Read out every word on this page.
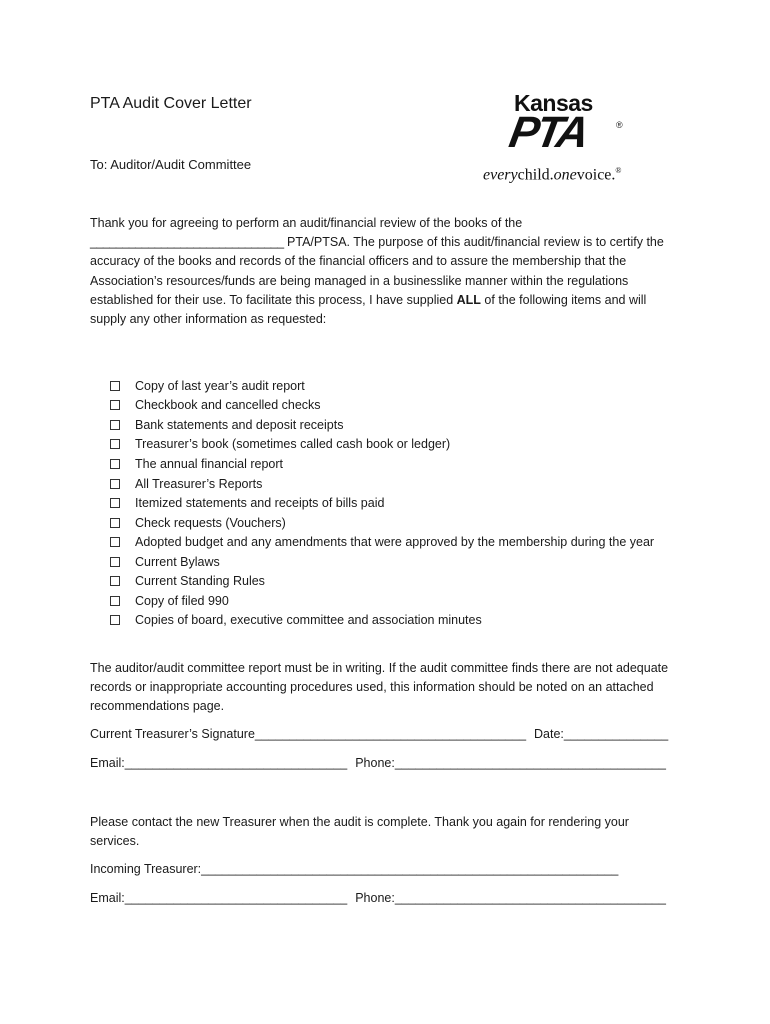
PTA Audit Cover Letter
To: Auditor/Audit Committee
Kansas
PTA	®
everychild.onevoice.®

Thank you for agreeing to perform an audit/financial review of the books of the
______________________________ PTA/PTSA. The purpose of this audit/financial review is to certify the accuracy of the books and records of the financial officers and to assure the membership that the Association’s resources/funds are being managed in a businesslike manner within the regulations established for their use. To facilitate this process, I have supplied ALL of the following items and will supply any other information as requested:

Copy of last year’s audit report
Checkbook and cancelled checks
Bank statements and deposit receipts
Treasurer’s book (sometimes called cash book or ledger)
The annual financial report
All Treasurer’s Reports
Itemized statements and receipts of bills paid
Check requests (Vouchers)
Adopted budget and any amendments that were approved by the membership during the year
Current Bylaws
Current Standing Rules
Copy of filed 990
Copies of board, executive committee and association minutes

The auditor/audit committee report must be in writing. If the audit committee finds there are not adequate records or inappropriate accounting procedures used, this information should be noted on an attached recommendations page.

Current Treasurer’s Signature_______________________________________ Date:_______________
Email:________________________________ Phone:_______________________________________

Please contact the new Treasurer when the audit is complete. Thank you again for rendering your services.

Incoming Treasurer:____________________________________________________________
Email:________________________________ Phone:_______________________________________
